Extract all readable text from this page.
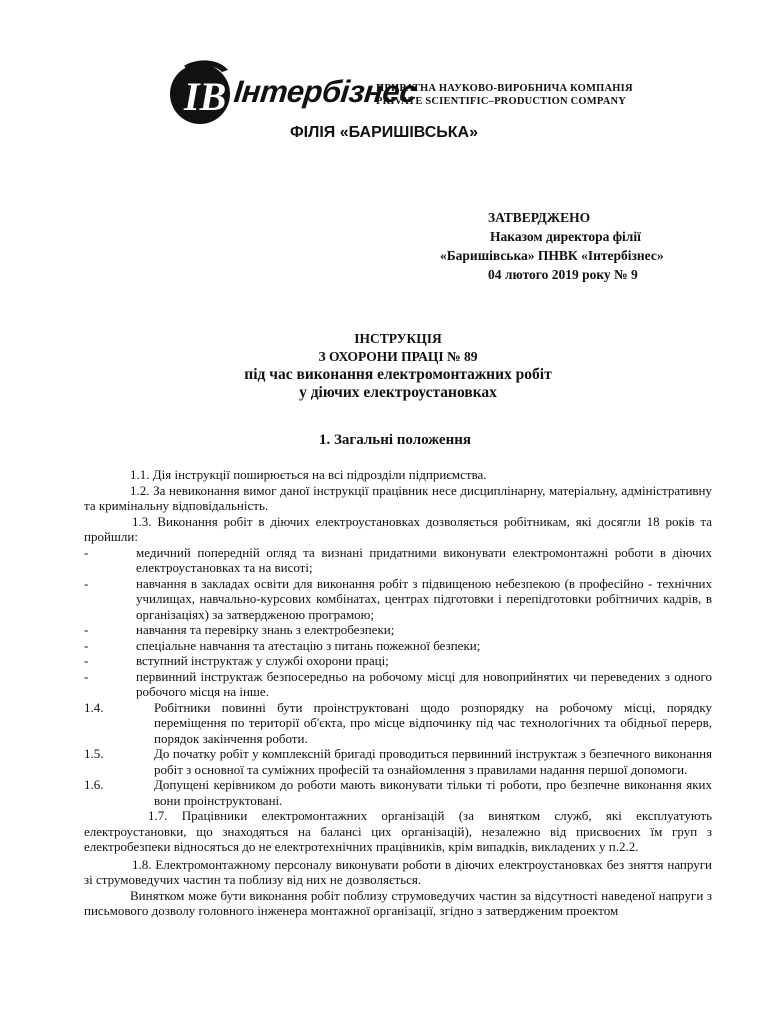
ІВ Інтербізнес
ПРИВАТНА НАУКОВО-ВИРОБНИЧА КОМПАНІЯ
PRIVATE SCIENTIFIC–PRODUCTION COMPANY
ФІЛІЯ «БАРИШІВСЬКА»
ЗАТВЕРДЖЕНО
Наказом директора філії
«Баришівська» ПНВК «Інтербізнес»
04 лютого 2019 року № 9
ІНСТРУКЦІЯ
З ОХОРОНИ ПРАЦІ № 89
під час виконання електромонтажних робіт
у діючих електроустановках
1. Загальні положення

1.1. Дія інструкції поширюється на всі підрозділи підприємства.

1.2. За невиконання вимог даної інструкції працівник несе дисциплінарну, матеріальну, адміністративну та кримінальну відповідальність.

1.3. Виконання робіт в діючих електроустановках дозволяється робітникам, які досягли 18 років та пройшли:

-	медичний попередній огляд та визнані придатними виконувати електромонтажні роботи в діючих електроустановках та на висоті;
-	навчання в закладах освіти для виконання робіт з підвищеною небезпекою (в професійно - технічних училищах, навчально-курсових комбінатах, центрах підготовки і перепідготовки робітничих кадрів, в організаціях) за затвердженою програмою;
-	навчання та перевірку знань з електробезпеки;
-	спеціальне навчання та атестацію з питань пожежної безпеки;
-	вступний інструктаж у службі охорони праці;
-	первинний інструктаж безпосередньо на робочому місці для новоприйнятих чи переведених з одного робочого місця на інше.
1.4.	Робітники повинні бути проінструктовані щодо розпорядку на робочому місці, порядку переміщення по території об'єкта, про місце відпочинку під час технологічних та обідньої перерв, порядок закінчення роботи.
1.5.	До початку робіт у комплексній бригаді проводиться первинний інструктаж з безпечного виконання робіт з основної та суміжних професій та ознайомлення з правилами надання першої допомоги.
1.6.	Допущені керівником до роботи мають виконувати тільки ті роботи, про безпечне виконання яких вони проінструктовані.

1.7. Працівники електромонтажних організацій (за винятком служб, які експлуатують електроустановки, що знаходяться на балансі цих організацій), незалежно від присвоєних їм груп з електробезпеки відносяться до не електротехнічних працівників, крім випадків, викладених у п.2.2.

1.8. Електромонтажному персоналу виконувати роботи в діючих електроустановках без зняття напруги зі струмоведучих частин та поблизу від них не дозволяється.

Винятком може бути виконання робіт поблизу струмоведучих частин за відсутності наведеної напруги з письмового дозволу головного інженера монтажної організації, згідно з затвердженим проектом
